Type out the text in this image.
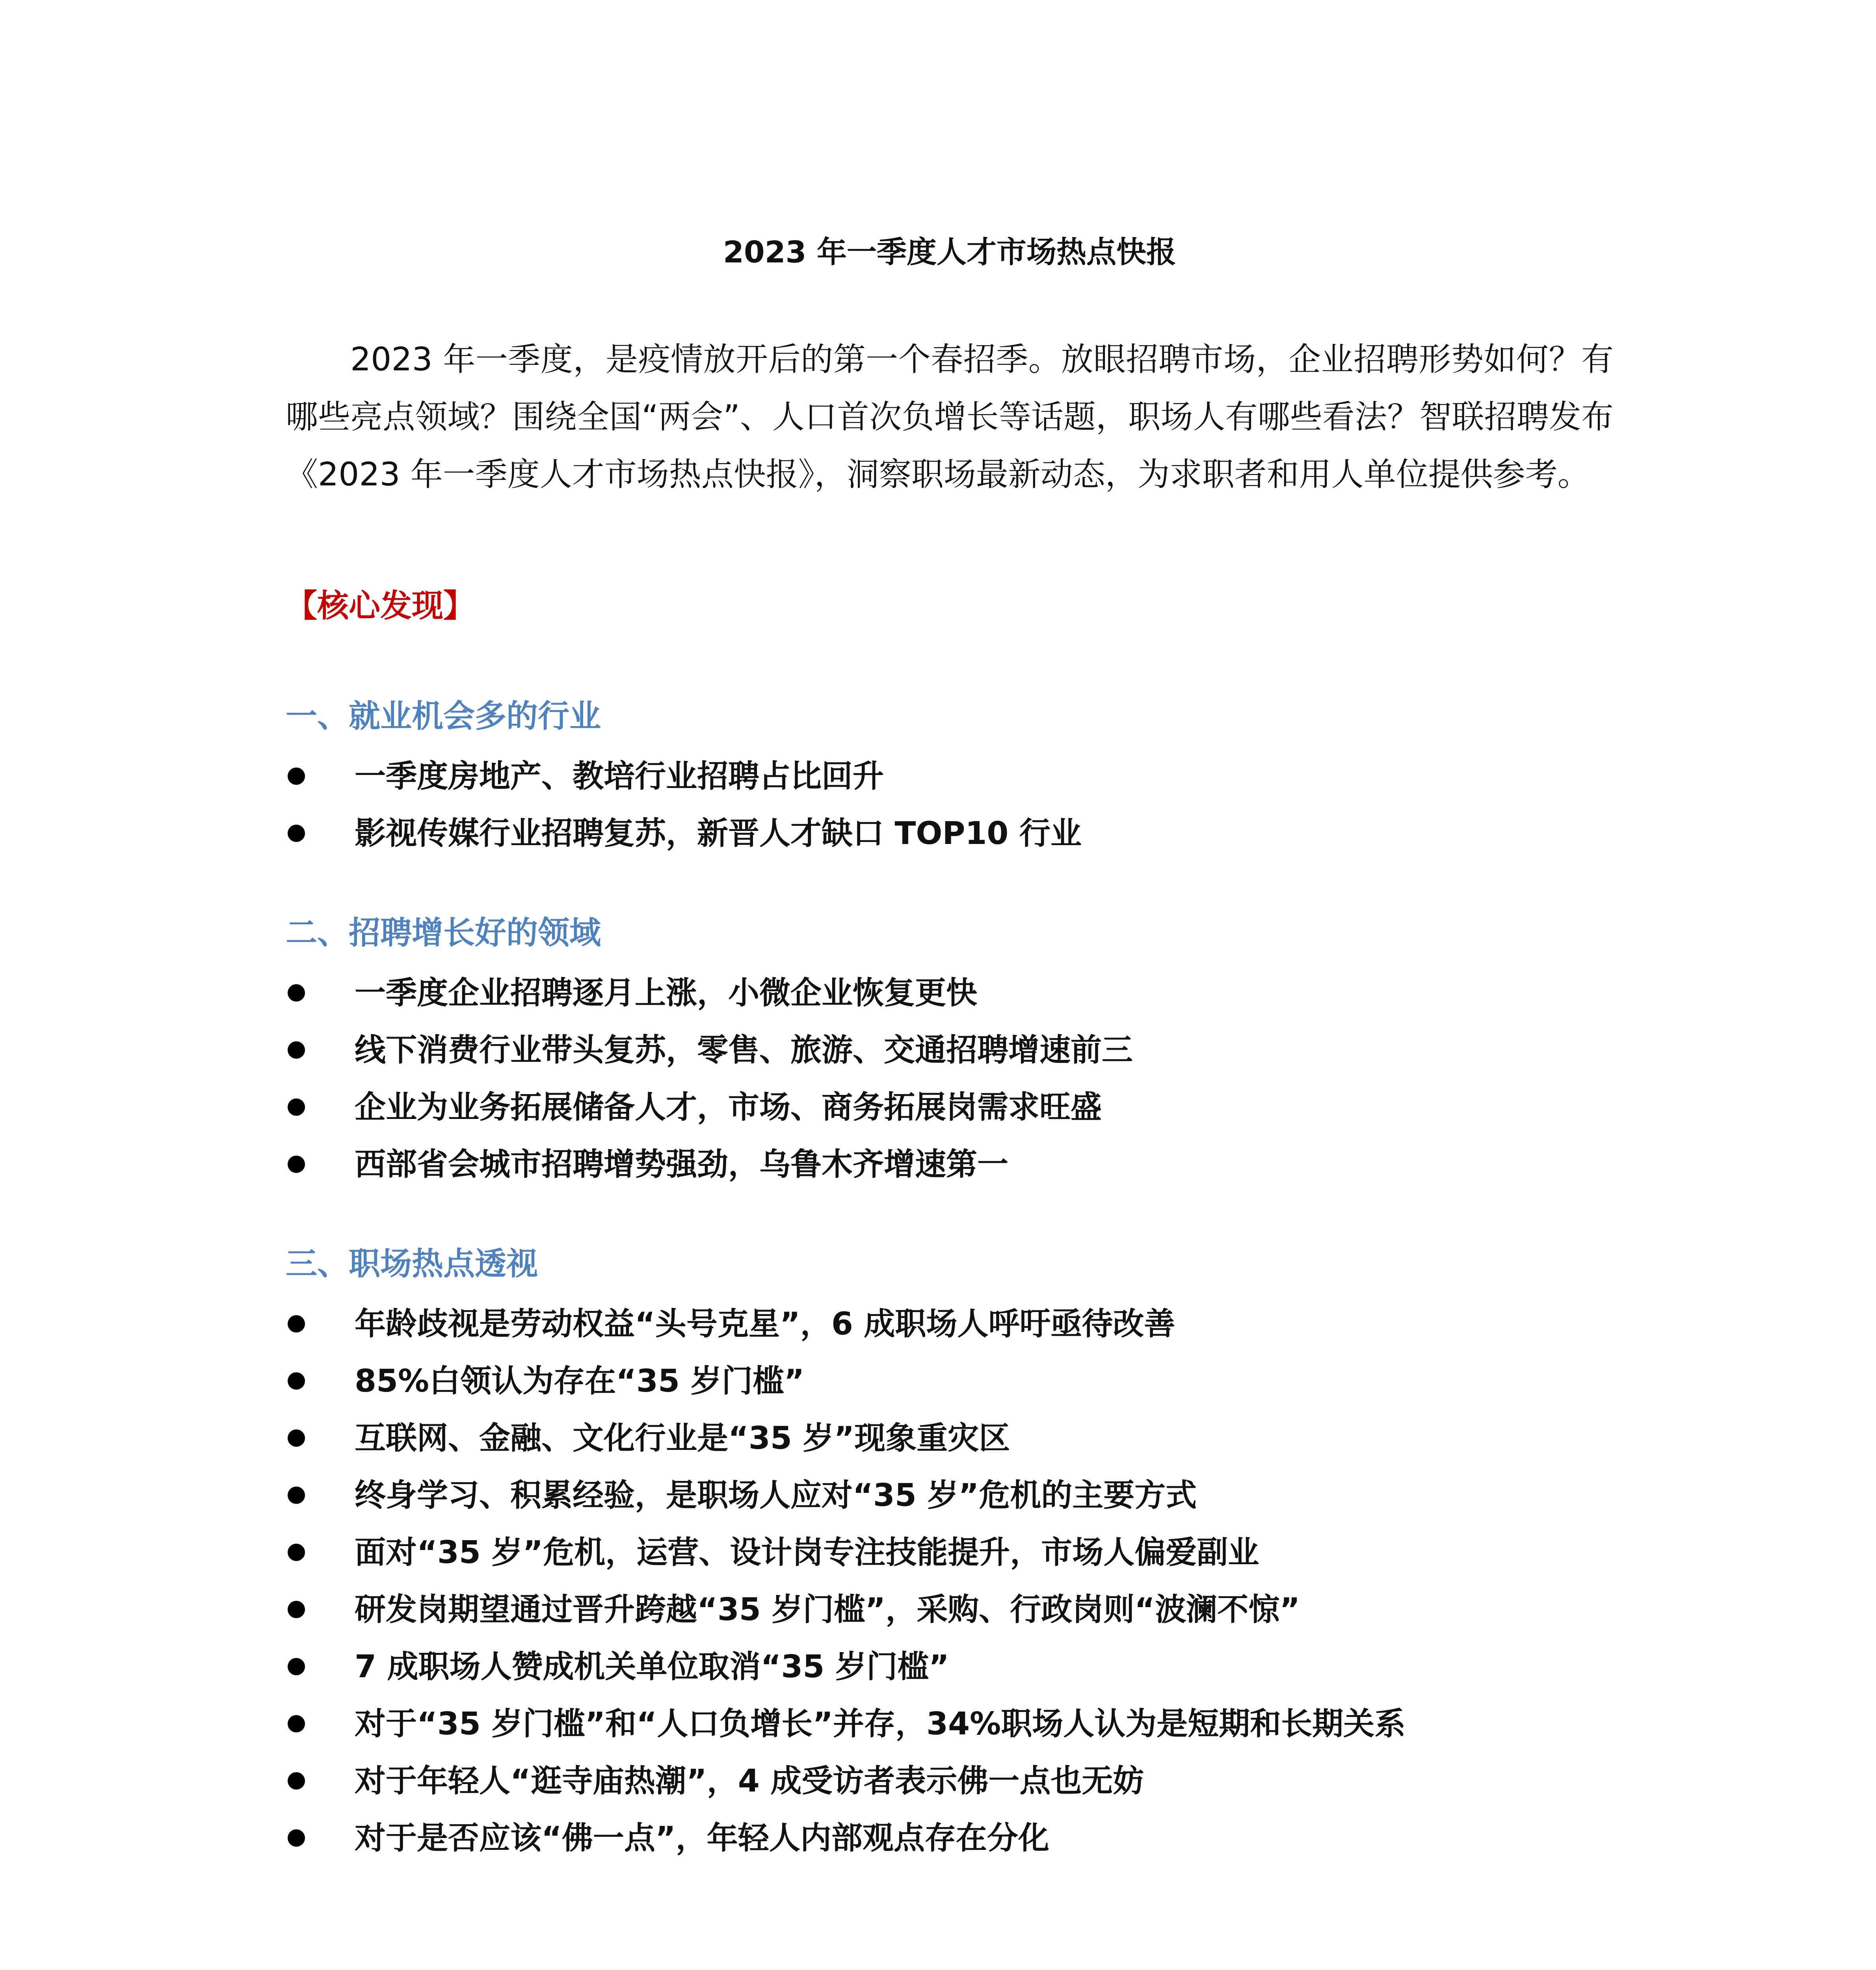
2023 年一季度人才市场热点快报

2023 年一季度，是疫情放开后的第一个春招季。放眼招聘市场，企业招聘形势如何？有哪些亮点领域？围绕全国“两会”、人口首次负增长等话题，职场人有哪些看法？智联招聘发布《2023 年一季度人才市场热点快报》，洞察职场最新动态，为求职者和用人单位提供参考。

【核心发现】
一、就业机会多的行业
一季度房地产、教培行业招聘占比回升
影视传媒行业招聘复苏，新晋人才缺口 TOP10 行业
二、招聘增长好的领域
一季度企业招聘逐月上涨，小微企业恢复更快
线下消费行业带头复苏，零售、旅游、交通招聘增速前三
企业为业务拓展储备人才，市场、商务拓展岗需求旺盛
西部省会城市招聘增势强劲，乌鲁木齐增速第一
三、职场热点透视
年龄歧视是劳动权益“头号克星”，6 成职场人呼吁亟待改善
85%白领认为存在“35 岁门槛”
互联网、金融、文化行业是“35 岁”现象重灾区
终身学习、积累经验，是职场人应对“35 岁”危机的主要方式
面对“35 岁”危机，运营、设计岗专注技能提升，市场人偏爱副业
研发岗期望通过晋升跨越“35 岁门槛”，采购、行政岗则“波澜不惊”
7 成职场人赞成机关单位取消“35 岁门槛”
对于“35 岁门槛”和“人口负增长”并存，34%职场人认为是短期和长期关系
对于年轻人“逛寺庙热潮”，4 成受访者表示佛一点也无妨
对于是否应该“佛一点”，年轻人内部观点存在分化
